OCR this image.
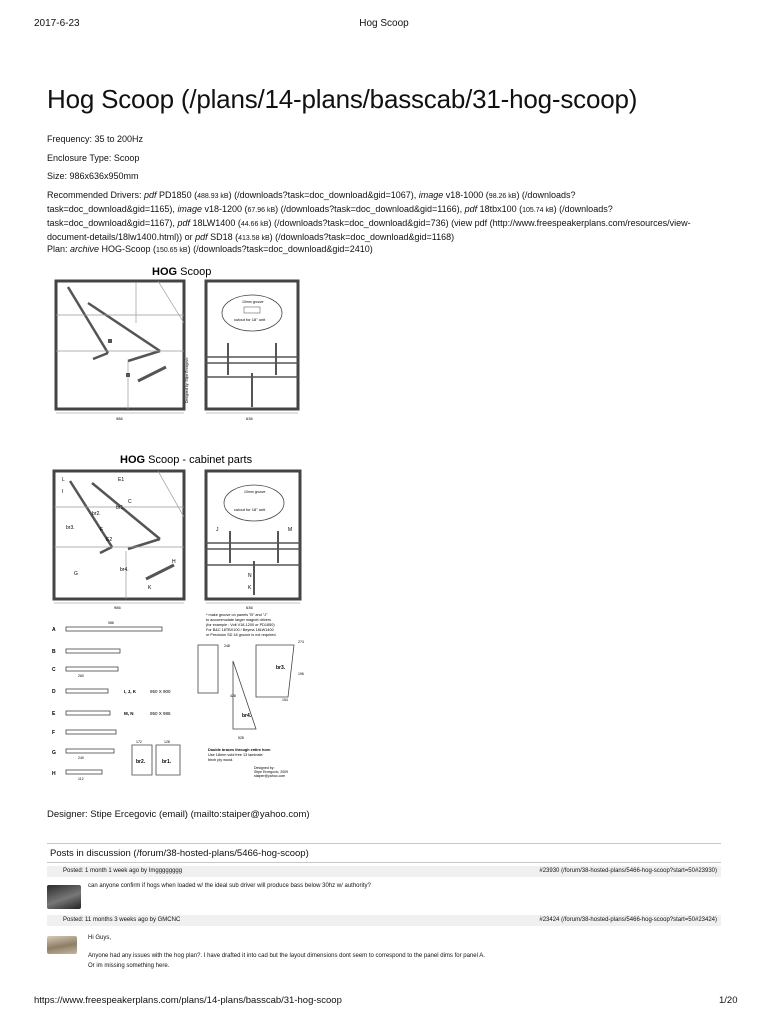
2017-6-23	Hog Scoop
Hog Scoop (/plans/14-plans/basscab/31-hog-scoop)
Frequency: 35 to 200Hz
Enclosure Type: Scoop
Size: 986x636x950mm
Recommended Drivers: pdf PD1850 (488.93 kB) (/downloads?task=doc_download&gid=1067), image v18-1000 (98.26 kB) (/downloads?
task=doc_download&gid=1165), image v18-1200 (67.96 kB) (/downloads?task=doc_download&gid=1166), pdf 18tbx100 (105.74 kB) (/downloads?
task=doc_download&gid=1167), pdf 18LW1400 (44.66 kB) (/downloads?task=doc_download&gid=736) (view pdf (http://www.freespeakerplans.com/resources/view-
document-details/18lw1400.html)) or pdf SD18 (413.58 kB) (/downloads?task=doc_download&gid=1168)
Plan: archive HOG-Scoop (150.65 kB) (/downloads?task=doc_download&gid=2410)
HOG Scoop
986
Designed by: Stipe Ercegovic
10mm groove
cutout for 18" unit
636
HOG Scoop - cabinet parts
L	E1
I
C
br1.
br2.
br3.	F
E2
br4.
G
H
K
986
10mm groove
cutout for 18" unit
J	M
N
K
636
* make groove on panels "B" and "J" to accommodate larger magnet drivers (for example : Volt V18-1200 or PD1850) For B&C 18TBX100 / Beyma 18LW1400 or Precision SD 18 groove is not required.
A
B
C
D
E
F
G
H
I, J, K	950 X 900
M, N	950 X 986
br3.
br4.
br2.	br1.
Double braces through entire horn Use 18mm void free 13 laminate birch ply wood.
Designed by: Stipe Ercegovic, 2009 staiper@yahoo.com
986
274
196
154
428
248
528
260
240
112
172	128
Designer: Stipe Ercegovic (email) (mailto:staiper@yahoo.com)
Posts in discussion (/forum/38-hosted-plans/5466-hog-scoop)
Posted: 1 month 1 week ago by Imgggggggg	#23930 (/forum/38-hosted-plans/5466-hog-scoop?start=50#23930)
can anyone confirm if hogs when loaded w/ the ideal sub driver will produce bass below 30hz w/ authority?
Posted: 11 months 3 weeks ago by GMCNC	#23424 (/forum/38-hosted-plans/5466-hog-scoop?start=50#23424)
Hi Guys,
Anyone had any issues with the hog plan?. I have drafted it into cad but the layout dimensions dont seem to correspond to the panel dims for panel A.
Or im missing something here.
https://www.freespeakerplans.com/plans/14-plans/basscab/31-hog-scoop	1/20
